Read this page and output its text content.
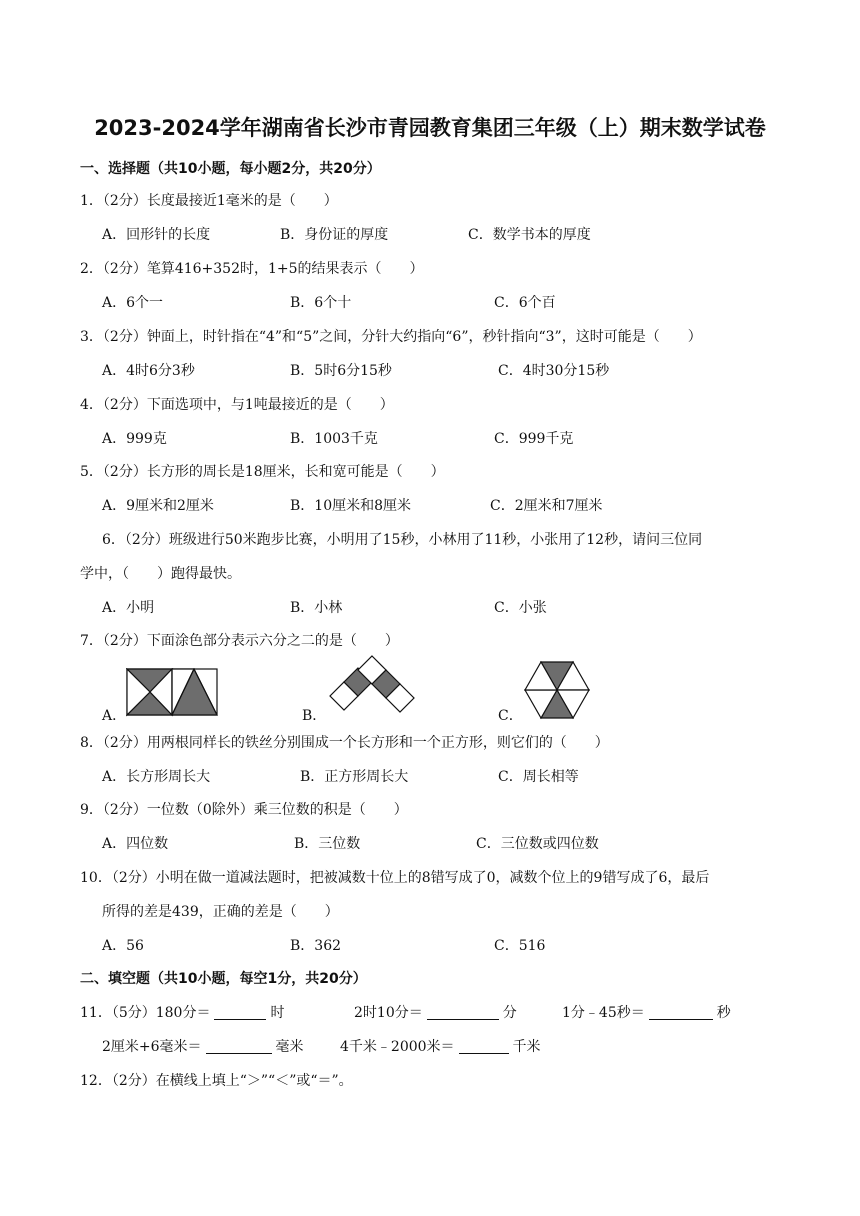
2023-2024学年湖南省长沙市青园教育集团三年级（上）期末数学试卷
一、选择题（共10小题，每小题2分，共20分）
1．（2分）长度最接近1毫米的是（　　）
A．回形针的长度	B．身份证的厚度	C．数学书本的厚度
2．（2分）笔算416+352时，1+5的结果表示（　　）
A．6个一	B．6个十	C．6个百
3．（2分）钟面上，时针指在“4”和“5”之间，分针大约指向“6”，秒针指向“3”，这时可能是（　　）
A．4时6分3秒	B．5时6分15秒	C．4时30分15秒
4．（2分）下面选项中，与1吨最接近的是（　　）
A．999克	B．1003千克	C．999千克
5．（2分）长方形的周长是18厘米，长和宽可能是（　　）
A．9厘米和2厘米	B．10厘米和8厘米	C．2厘米和7厘米
6．（2分）班级进行50米跑步比赛，小明用了15秒，小林用了11秒，小张用了12秒，请问三位同
学中，（　　）跑得最快。
A．小明	B．小林	C．小张
7．（2分）下面涂色部分表示六分之二的是（　　）
A．	B．	C．
8．（2分）用两根同样长的铁丝分别围成一个长方形和一个正方形，则它们的（　　）
A．长方形周长大	B．正方形周长大	C．周长相等
9．（2分）一位数（0除外）乘三位数的积是（　　）
A．四位数	B．三位数	C．三位数或四位数
10．（2分）小明在做一道减法题时，把被减数十位上的8错写成了0，减数个位上的9错写成了6，最后
所得的差是439，正确的差是（　　）
A．56	B．362	C．516
二、填空题（共10小题，每空1分，共20分）
11．（5分）180分＝	时	2时10分＝	分	1分﹣45秒＝	秒
2厘米+6毫米＝	毫米	4千米﹣2000米＝	千米
12．（2分）在横线上填上“＞”“＜”或“＝”。
